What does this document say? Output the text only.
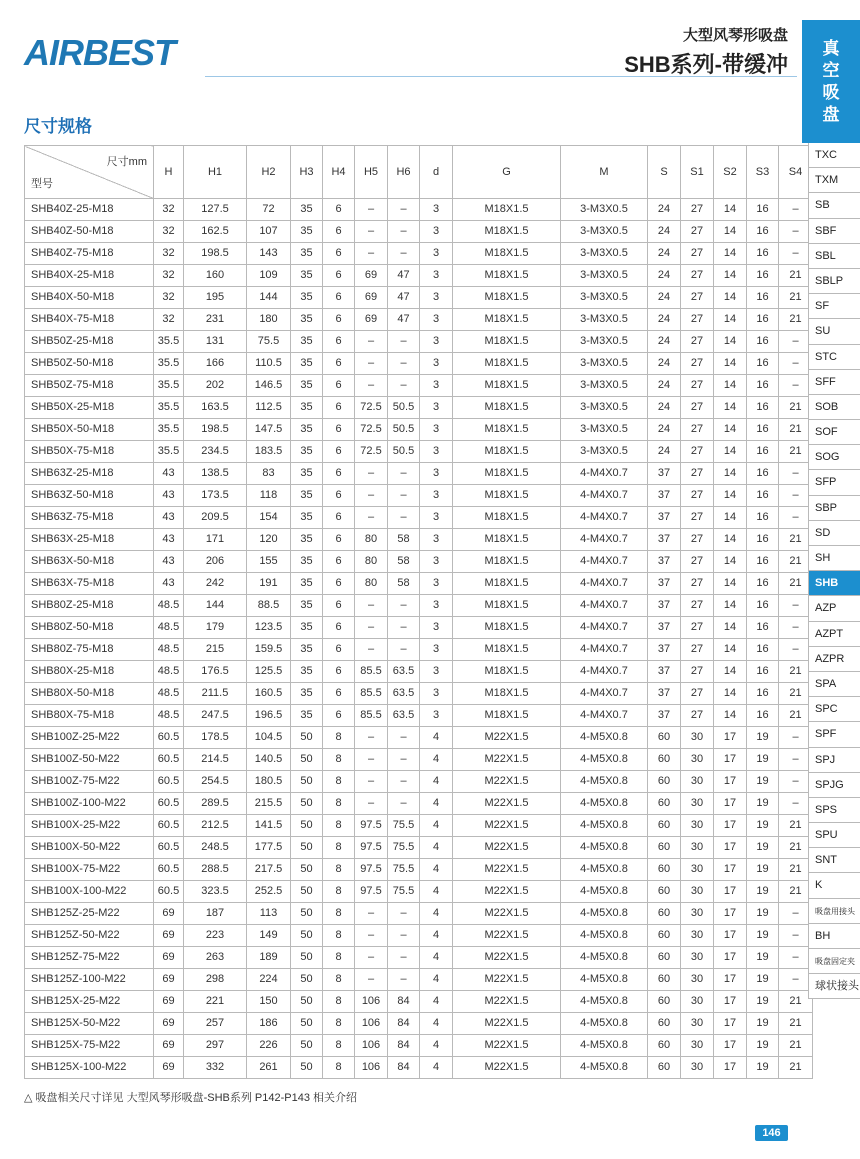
AIRBEST	大型风琴形吸盘
SHB系列-带缓冲
尺寸规格
尺寸mm
型号	H	H1	H2	H3	H4	H5	H6	d	G	M	S	S1	S2	S3	S4
SHB40Z-25-M18	32	127.5	72	35	6	–	–	3	M18X1.5	3-M3X0.5	24	27	14	16	–
SHB40Z-50-M18	32	162.5	107	35	6	–	–	3	M18X1.5	3-M3X0.5	24	27	14	16	–
SHB40Z-75-M18	32	198.5	143	35	6	–	–	3	M18X1.5	3-M3X0.5	24	27	14	16	–
SHB40X-25-M18	32	160	109	35	6	69	47	3	M18X1.5	3-M3X0.5	24	27	14	16	21
SHB40X-50-M18	32	195	144	35	6	69	47	3	M18X1.5	3-M3X0.5	24	27	14	16	21
SHB40X-75-M18	32	231	180	35	6	69	47	3	M18X1.5	3-M3X0.5	24	27	14	16	21
SHB50Z-25-M18	35.5	131	75.5	35	6	–	–	3	M18X1.5	3-M3X0.5	24	27	14	16	–
SHB50Z-50-M18	35.5	166	110.5	35	6	–	–	3	M18X1.5	3-M3X0.5	24	27	14	16	–
SHB50Z-75-M18	35.5	202	146.5	35	6	–	–	3	M18X1.5	3-M3X0.5	24	27	14	16	–
SHB50X-25-M18	35.5	163.5	112.5	35	6	72.5	50.5	3	M18X1.5	3-M3X0.5	24	27	14	16	21
SHB50X-50-M18	35.5	198.5	147.5	35	6	72.5	50.5	3	M18X1.5	3-M3X0.5	24	27	14	16	21
SHB50X-75-M18	35.5	234.5	183.5	35	6	72.5	50.5	3	M18X1.5	3-M3X0.5	24	27	14	16	21
SHB63Z-25-M18	43	138.5	83	35	6	–	–	3	M18X1.5	4-M4X0.7	37	27	14	16	–
SHB63Z-50-M18	43	173.5	118	35	6	–	–	3	M18X1.5	4-M4X0.7	37	27	14	16	–
SHB63Z-75-M18	43	209.5	154	35	6	–	–	3	M18X1.5	4-M4X0.7	37	27	14	16	–
SHB63X-25-M18	43	171	120	35	6	80	58	3	M18X1.5	4-M4X0.7	37	27	14	16	21
SHB63X-50-M18	43	206	155	35	6	80	58	3	M18X1.5	4-M4X0.7	37	27	14	16	21
SHB63X-75-M18	43	242	191	35	6	80	58	3	M18X1.5	4-M4X0.7	37	27	14	16	21
SHB80Z-25-M18	48.5	144	88.5	35	6	–	–	3	M18X1.5	4-M4X0.7	37	27	14	16	–
SHB80Z-50-M18	48.5	179	123.5	35	6	–	–	3	M18X1.5	4-M4X0.7	37	27	14	16	–
SHB80Z-75-M18	48.5	215	159.5	35	6	–	–	3	M18X1.5	4-M4X0.7	37	27	14	16	–
SHB80X-25-M18	48.5	176.5	125.5	35	6	85.5	63.5	3	M18X1.5	4-M4X0.7	37	27	14	16	21
SHB80X-50-M18	48.5	211.5	160.5	35	6	85.5	63.5	3	M18X1.5	4-M4X0.7	37	27	14	16	21
SHB80X-75-M18	48.5	247.5	196.5	35	6	85.5	63.5	3	M18X1.5	4-M4X0.7	37	27	14	16	21
SHB100Z-25-M22	60.5	178.5	104.5	50	8	–	–	4	M22X1.5	4-M5X0.8	60	30	17	19	–
SHB100Z-50-M22	60.5	214.5	140.5	50	8	–	–	4	M22X1.5	4-M5X0.8	60	30	17	19	–
SHB100Z-75-M22	60.5	254.5	180.5	50	8	–	–	4	M22X1.5	4-M5X0.8	60	30	17	19	–
SHB100Z-100-M22	60.5	289.5	215.5	50	8	–	–	4	M22X1.5	4-M5X0.8	60	30	17	19	–
SHB100X-25-M22	60.5	212.5	141.5	50	8	97.5	75.5	4	M22X1.5	4-M5X0.8	60	30	17	19	21
SHB100X-50-M22	60.5	248.5	177.5	50	8	97.5	75.5	4	M22X1.5	4-M5X0.8	60	30	17	19	21
SHB100X-75-M22	60.5	288.5	217.5	50	8	97.5	75.5	4	M22X1.5	4-M5X0.8	60	30	17	19	21
SHB100X-100-M22	60.5	323.5	252.5	50	8	97.5	75.5	4	M22X1.5	4-M5X0.8	60	30	17	19	21
SHB125Z-25-M22	69	187	113	50	8	–	–	4	M22X1.5	4-M5X0.8	60	30	17	19	–
SHB125Z-50-M22	69	223	149	50	8	–	–	4	M22X1.5	4-M5X0.8	60	30	17	19	–
SHB125Z-75-M22	69	263	189	50	8	–	–	4	M22X1.5	4-M5X0.8	60	30	17	19	–
SHB125Z-100-M22	69	298	224	50	8	–	–	4	M22X1.5	4-M5X0.8	60	30	17	19	–
SHB125X-25-M22	69	221	150	50	8	106	84	4	M22X1.5	4-M5X0.8	60	30	17	19	21
SHB125X-50-M22	69	257	186	50	8	106	84	4	M22X1.5	4-M5X0.8	60	30	17	19	21
SHB125X-75-M22	69	297	226	50	8	106	84	4	M22X1.5	4-M5X0.8	60	30	17	19	21
SHB125X-100-M22	69	332	261	50	8	106	84	4	M22X1.5	4-M5X0.8	60	30	17	19	21
△ 吸盘相关尺寸详见 大型风琴形吸盘-SHB系列 P142-P143 相关介绍
真
空
吸
盘
TXC
TXM
SB
SBF
SBL
SBLP
SF
SU
STC
SFF
SOB
SOF
SOG
SFP
SBP
SD
SH
SHB
AZP
AZPT
AZPR
SPA
SPC
SPF
SPJ
SPJG
SPS
SPU
SNT
K
吸盘用接头
BH
吸盘固定夹
球状接头
146
